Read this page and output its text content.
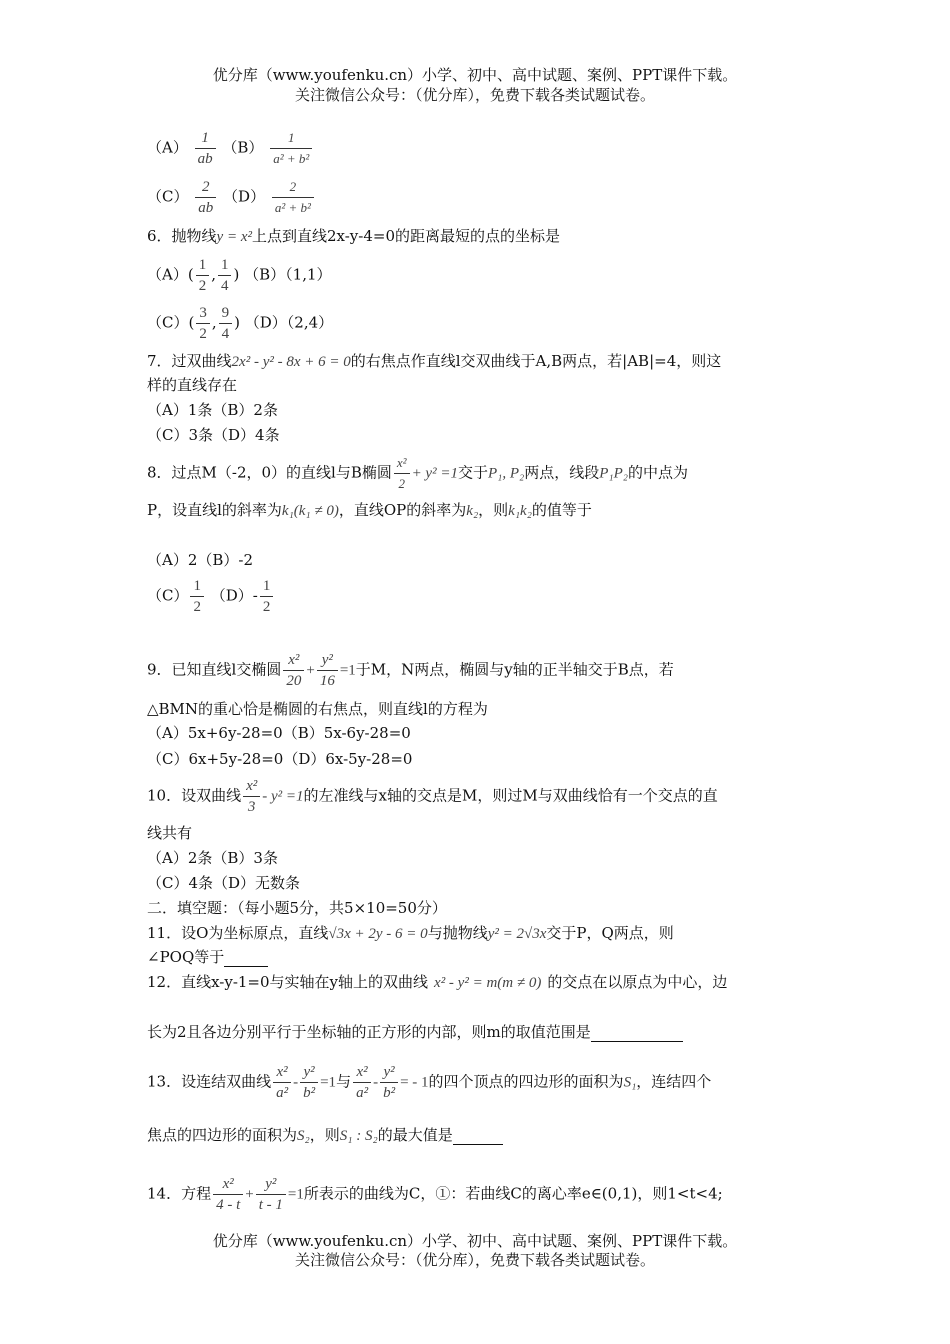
优分库（www.youfenku.cn）小学、初中、高中试题、案例、PPT课件下载。
关注微信公众号：（优分库），免费下载各类试题试卷。
$(A) \frac{1}{ab} (B) \frac{1}{\text{a² + b²}}$
$(C) \frac{2}{ab} (D) \frac{2}{\text{a² + b²}}$
6．抛物线y = x²上点到直线2x-y-4=0的距离最短的点的坐标是
$(A)( \frac{1}{2}$ , $\frac{1}{4}$ ) （B）（1,1）
$(C)( \frac{3}{2}$ , $\frac{9}{4}$ ) （D）（2,4）
7．过双曲线2x² - y² - 8x + 6 = 0的右焦点作直线l交双曲线于A,B两点，若|AB|=4，则这
样的直线存在
（A）1条（B）2条
（C）3条（D）4条
8．过点M（-2，0）的直线l与B椭圆 $\frac{\text{x²}}{2} + y^2 =1$交于P₁, P₂两点，线段P₁P₂的中点为
P，设直线l的斜率为k₁(k₁ ≠ 0)，直线OP的斜率为k₂，则k₁k₂的值等于
（A）2（B）-2
$(C) \frac{1}{2} (D)- \frac{1}{2}$
9．已知直线l交椭圆 $\frac{\text{x²}}{20} + \frac{\text{y²}}{16} =1$于M，N两点，椭圆与y轴的正半轴交于B点，若
△BMN的重心恰是椭圆的右焦点，则直线l的方程为
（A）5x+6y-28=0（B）5x-6y-28=0
（C）6x+5y-28=0（D）6x-5y-28=0
10．设双曲线 $\frac{\text{x²}}{3} - y^2 =1$的左准线与x轴的交点是M，则过M与双曲线恰有一个交点的直
线共有
（A）2条（B）3条
（C）4条（D）无数条
二．填空题：（每小题5分，共5×10=50分）
11．设O为坐标原点，直线√3x + 2y - 6 = 0与抛物线y² = 2√3x交于P，Q两点，则
∠POQ等于
12．直线x-y-1=0与实轴在y轴上的双曲线 x² - y² = m(m ≠ 0) 的交点在以原点为中心，边
长为2且各边分别平行于坐标轴的正方形的内部，则m的取值范围是
13．设连结双曲线 $\frac{\text{x²}}{\text{a²}} - \frac{\text{y²}}{\text{b²}} =1$与 $\frac{\text{x²}}{\text{a²}} - \frac{\text{y²}}{\text{b²}}$ = - 1的四个顶点的四边形的面积为S₁，连结四个
焦点的四边形的面积为S₂，则S₁ : S₂的最大值是
14．方程 $\frac{\text{x²}}{4 - t} + \frac{\text{y²}}{t - 1} =1$所表示的曲线为C，①：若曲线C的离心率e∈(0,1)，则1<t<4;
优分库（www.youfenku.cn）小学、初中、高中试题、案例、PPT课件下载。
关注微信公众号：（优分库），免费下载各类试题试卷。
